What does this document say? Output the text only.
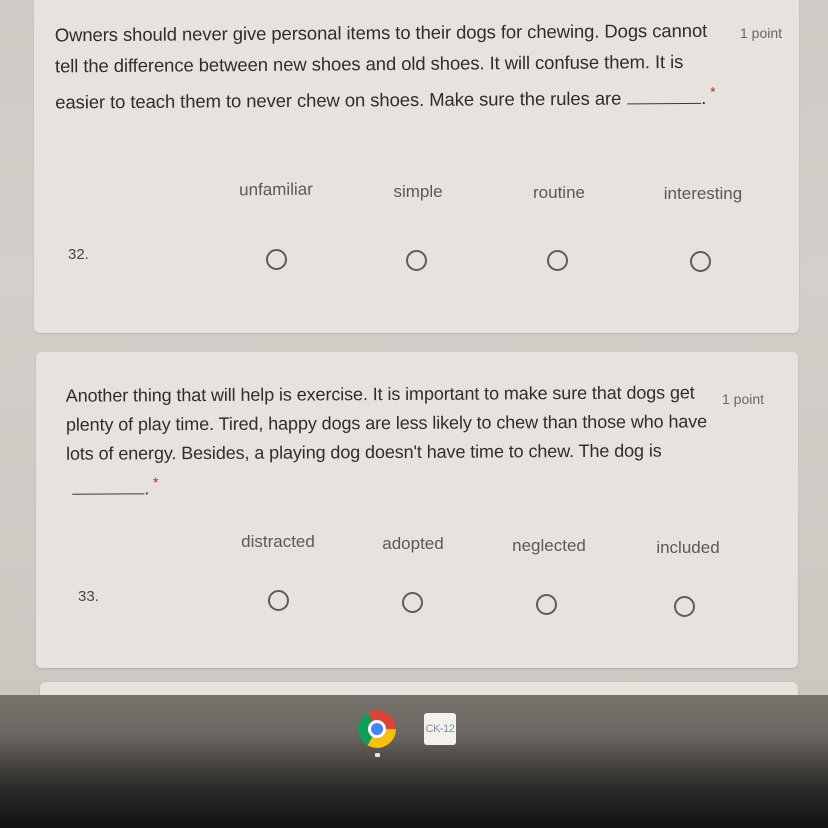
Owners should never give personal items to their dogs for chewing. Dogs cannot tell the difference between new shoes and old shoes. It will confuse them. It is easier to teach them to never chew on shoes. Make sure the rules are	. *
1 point
unfamiliar	simple	routine	interesting
32.
Another thing that will help is exercise. It is important to make sure that dogs get plenty of play time. Tired, happy dogs are less likely to chew than those who have lots of energy. Besides, a playing dog doesn't have time to chew. The dog is. *
1 point
distracted	adopted	neglected	included
33.
CK-12
